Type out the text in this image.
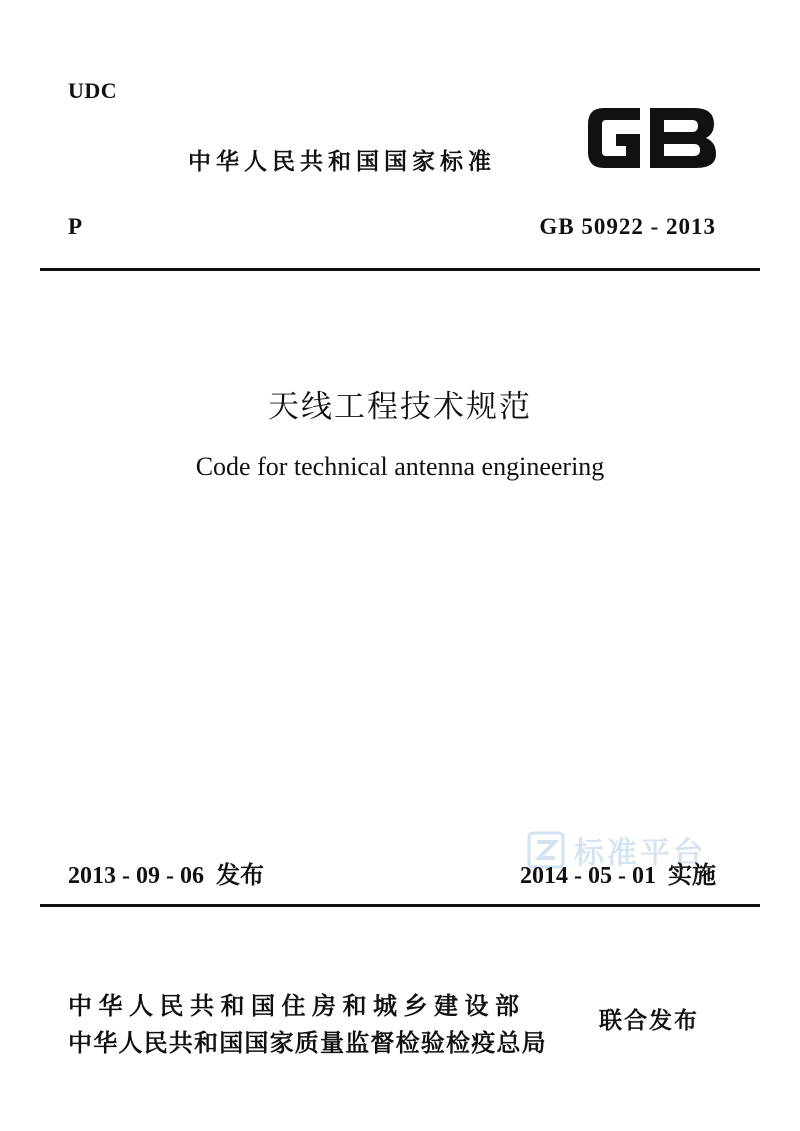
UDC
中华人民共和国国家标准
P	GB 50922 - 2013
天线工程技术规范
Code for technical antenna engineering
标准平台
2013 - 09 - 06 发布	2014 - 05 - 01 实施
中华人民共和国住房和城乡建设部
中华人民共和国国家质量监督检验检疫总局
联合发布
